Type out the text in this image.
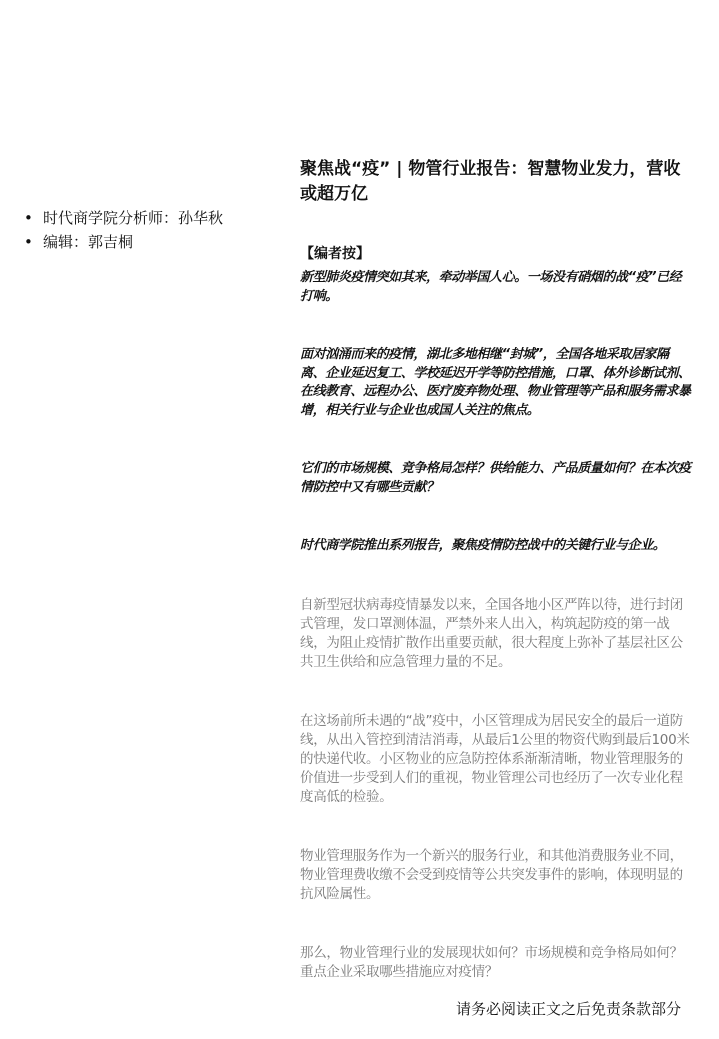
• 时代商学院分析师：孙华秋
• 编辑：郭吉桐
聚焦战“疫” | 物管行业报告：智慧物业发力，营收或超万亿
【编者按】

新型肺炎疫情突如其来，牵动举国人心。一场没有硝烟的战“疫”已经打响。

面对汹涌而来的疫情，湖北多地相继“封城”，全国各地采取居家隔离、企业延迟复工、学校延迟开学等防控措施，口罩、体外诊断试剂、在线教育、远程办公、医疗废弃物处理、物业管理等产品和服务需求暴增，相关行业与企业也成国人关注的焦点。

它们的市场规模、竞争格局怎样？供给能力、产品质量如何？在本次疫情防控中又有哪些贡献？

时代商学院推出系列报告，聚焦疫情防控战中的关键行业与企业。

自新型冠状病毒疫情暴发以来，全国各地小区严阵以待，进行封闭式管理，发口罩测体温，严禁外来人出入，构筑起防疫的第一战线，为阻止疫情扩散作出重要贡献，很大程度上弥补了基层社区公共卫生供给和应急管理力量的不足。

在这场前所未遇的“战”疫中，小区管理成为居民安全的最后一道防线，从出入管控到清洁消毒，从最后1公里的物资代购到最后100米的快递代收。小区物业的应急防控体系渐渐清晰，物业管理服务的价值进一步受到人们的重视，物业管理公司也经历了一次专业化程度高低的检验。

物业管理服务作为一个新兴的服务行业，和其他消费服务业不同，物业管理费收缴不会受到疫情等公共突发事件的影响，体现明显的抗风险属性。

那么，物业管理行业的发展现状如何？市场规模和竞争格局如何？重点企业采取哪些措施应对疫情？

请务必阅读正文之后免责条款部分
